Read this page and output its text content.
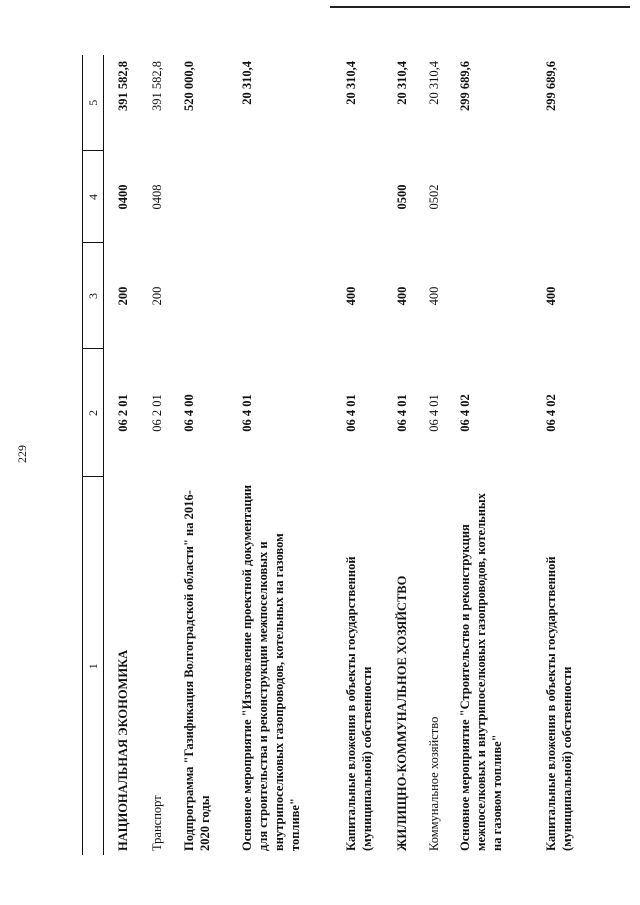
229
1	2	3	4	5
НАЦИОНАЛЬНАЯ ЭКОНОМИКА	06 2 01	200	0400	391 582,8
Транспорт	06 2 01	200	0408	391 582,8
Подпрограмма "Газификация Волгоградской области" на 2016-2020 годы	06 4 00			520 000,0
Основное мероприятие "Изготовление проектной документации для строительства и реконструкции межпоселковых и внутрипоселковых газопроводов, котельных на газовом топливе"	06 4 01			20 310,4
Капитальные вложения в объекты государственной (муниципальной) собственности	06 4 01	400		20 310,4
ЖИЛИЩНО-КОММУНАЛЬНОЕ ХОЗЯЙСТВО	06 4 01	400	0500	20 310,4
Коммунальное хозяйство	06 4 01	400	0502	20 310,4
Основное мероприятие "Строительство и реконструкция межпоселковых и внутрипоселковых газопроводов, котельных на газовом топливе"	06 4 02			299 689,6
Капитальные вложения в объекты государственной (муниципальной) собственности	06 4 02	400		299 689,6
